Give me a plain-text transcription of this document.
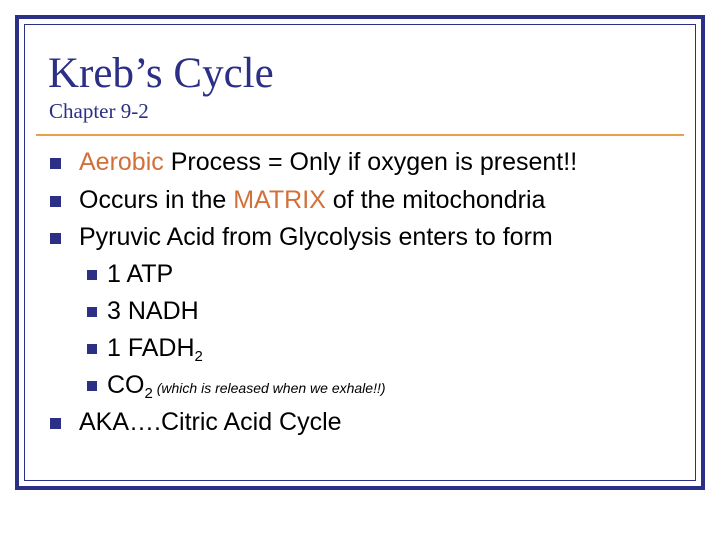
Kreb’s Cycle
Chapter 9-2
Aerobic Process = Only if oxygen is present!!
Occurs in the MATRIX of the mitochondria
Pyruvic Acid from Glycolysis enters to form
1 ATP
3 NADH
1 $FADH_2$
$CO_2$ (which is released when we exhale!!)
AKA….Citric Acid Cycle
